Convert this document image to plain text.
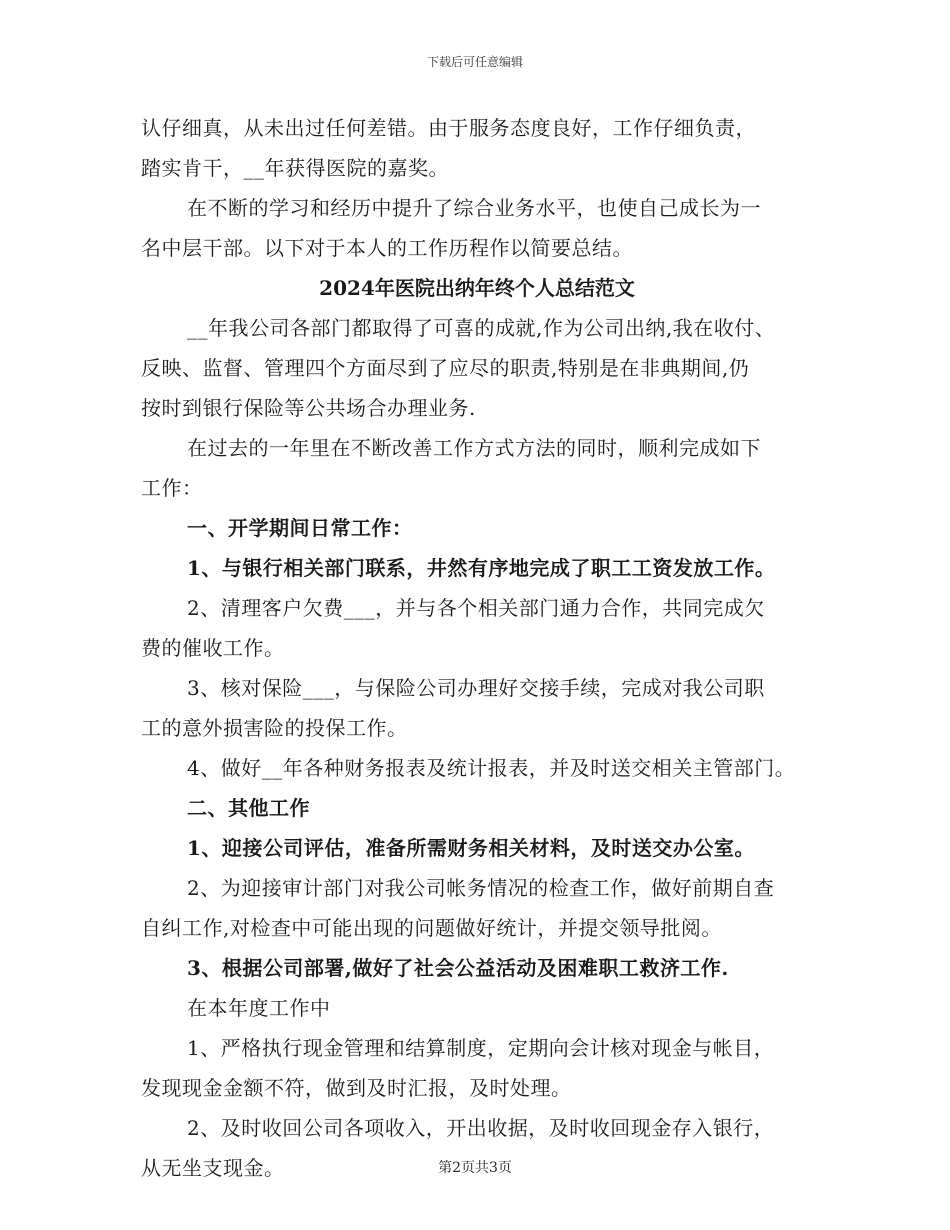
下载后可任意编辑
认仔细真，从未出过任何差错。由于服务态度良好，工作仔细负责，
踏实肯干，__年获得医院的嘉奖。
在不断的学习和经历中提升了综合业务水平，也使自己成长为一
名中层干部。以下对于本人的工作历程作以简要总结。
2024年医院出纳年终个人总结范文
__年我公司各部门都取得了可喜的成就,作为公司出纳,我在收付、
反映、监督、管理四个方面尽到了应尽的职责,特别是在非典期间,仍
按时到银行保险等公共场合办理业务.
在过去的一年里在不断改善工作方式方法的同时，顺利完成如下
工作：
一、开学期间日常工作：
1、与银行相关部门联系，井然有序地完成了职工工资发放工作。
2、清理客户欠费___，并与各个相关部门通力合作，共同完成欠
费的催收工作。
3、核对保险___，与保险公司办理好交接手续，完成对我公司职
工的意外损害险的投保工作。
4、做好__年各种财务报表及统计报表，并及时送交相关主管部门。
二、其他工作
1、迎接公司评估，准备所需财务相关材料，及时送交办公室。
2、为迎接审计部门对我公司帐务情况的检查工作，做好前期自查
自纠工作,对检查中可能出现的问题做好统计，并提交领导批阅。
3、根据公司部署,做好了社会公益活动及困难职工救济工作.
在本年度工作中
1、严格执行现金管理和结算制度，定期向会计核对现金与帐目，
发现现金金额不符，做到及时汇报，及时处理。
2、及时收回公司各项收入，开出收据，及时收回现金存入银行，
从无坐支现金。	第2页共3页
